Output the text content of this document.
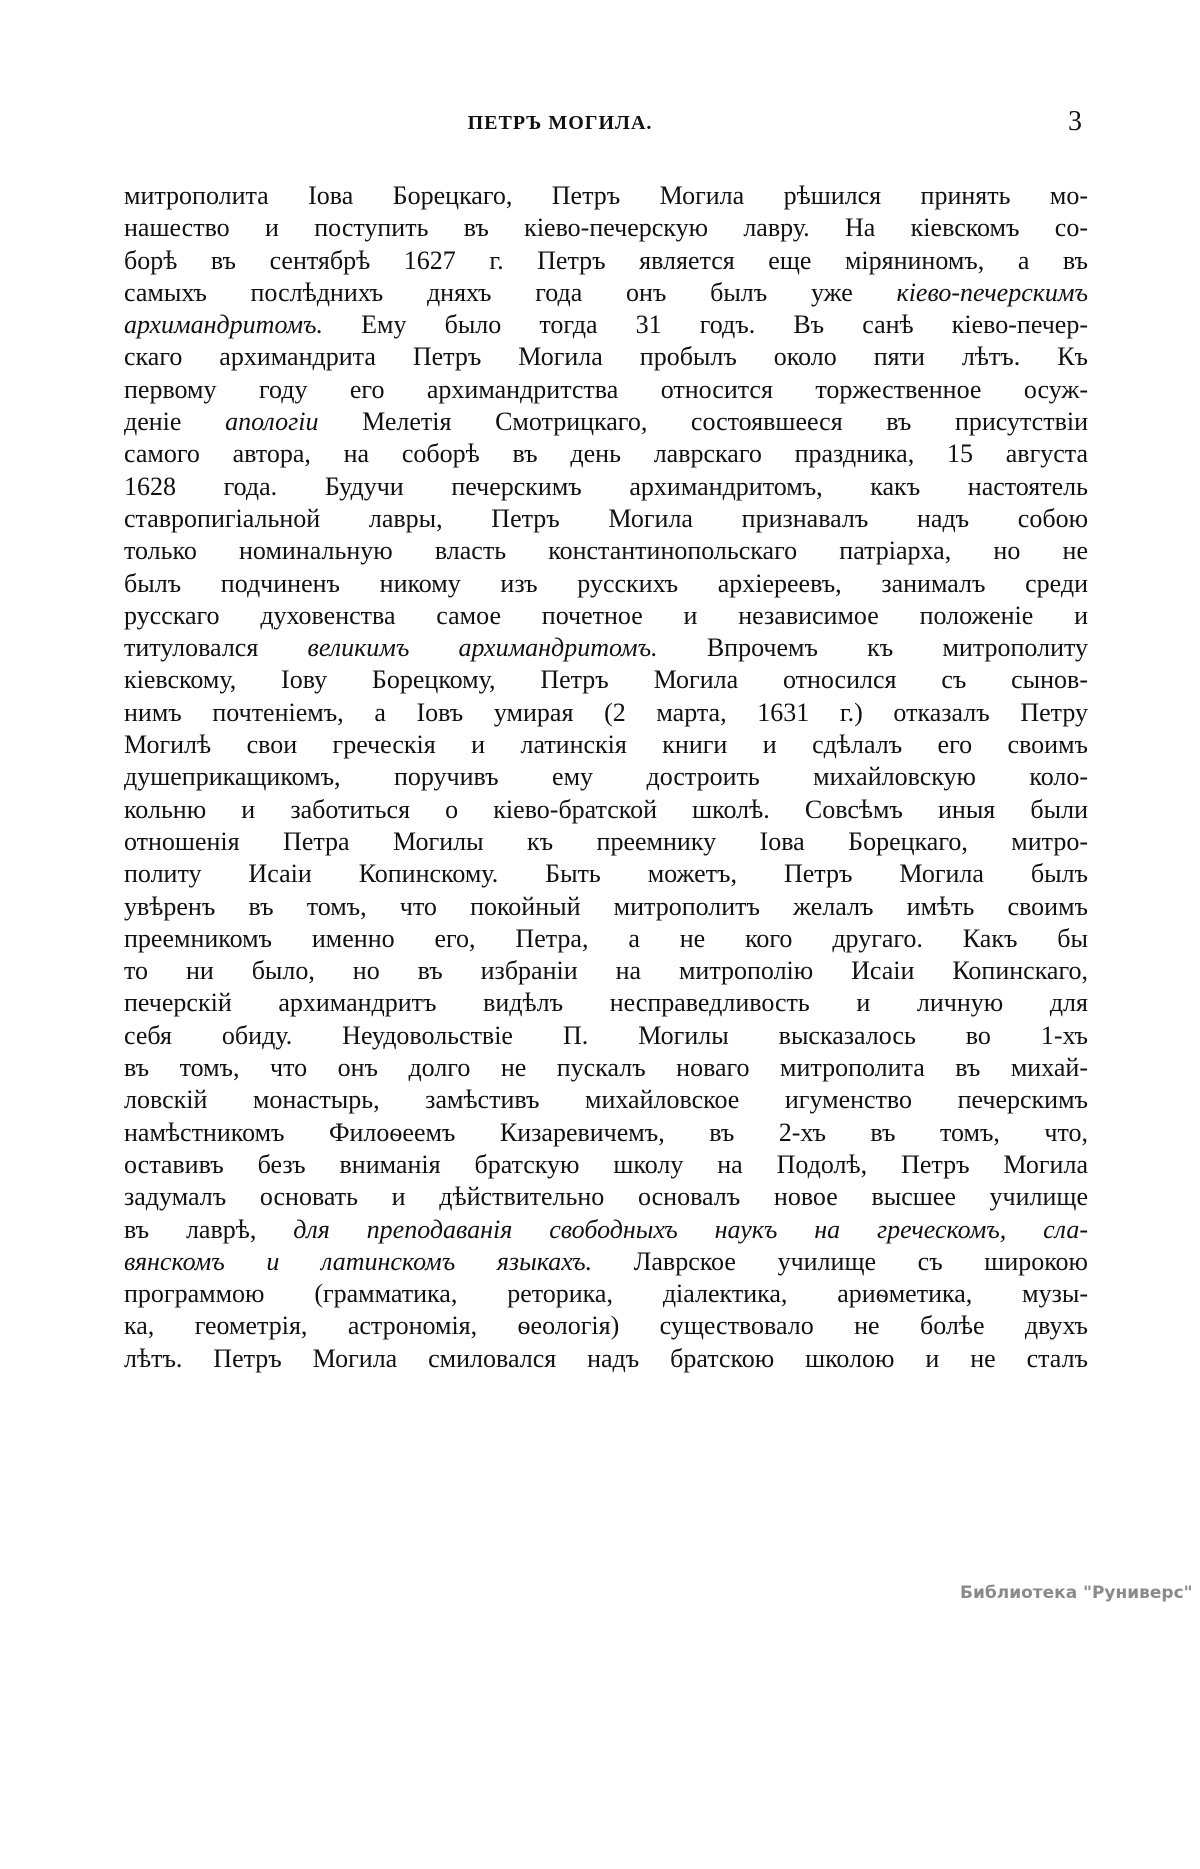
ПЕТРЪ МОГИЛА.	3
митрополита Іова Борецкаго, Петръ Могила рѣшился принять мо-
нашество и поступить въ кіево-печерскую лавру. На кіевскомъ со-
борѣ въ сентябрѣ 1627 г. Петръ является еще міряниномъ, а въ
самыхъ послѣднихъ дняхъ года онъ былъ уже кіево-печерскимъ
архимандритомъ. Ему было тогда 31 годъ. Въ санѣ кіево-печер-
скаго архимандрита Петръ Могила пробылъ около пяти лѣтъ. Къ
первому году его архимандритства относится торжественное осуж-
деніе апологіи Мелетія Смотрицкаго, состоявшееся въ присутствіи
самого автора, на соборѣ въ день лаврскаго праздника, 15 августа
1628 года. Будучи печерскимъ архимандритомъ, какъ настоятель
ставропигіальной лавры, Петръ Могила признавалъ надъ собою
только номинальную власть константинопольскаго патріарха, но не
былъ подчиненъ никому изъ русскихъ архіереевъ, занималъ среди
русскаго духовенства самое почетное и независимое положеніе и
титуловался великимъ архимандритомъ. Впрочемъ къ митрополиту
кіевскому, Іову Борецкому, Петръ Могила относился съ сынов-
нимъ почтеніемъ, а Іовъ умирая (2 марта, 1631 г.) отказалъ Петру
Могилѣ свои греческія и латинскія книги и сдѣлалъ его своимъ
душеприкащикомъ, поручивъ ему достроить михайловскую коло-
кольню и заботиться о кіево-братской школѣ. Совсѣмъ иныя были
отношенія Петра Могилы къ преемнику Іова Борецкаго, митро-
политу Исаіи Копинскому. Быть можетъ, Петръ Могила былъ
увѣренъ въ томъ, что покойный митрополитъ желалъ имѣть своимъ
преемникомъ именно его, Петра, а не кого другаго. Какъ бы
то ни было, но въ избраніи на митрополію Исаіи Копинскаго,
печерскій архимандритъ видѣлъ несправедливость и личную для
себя обиду. Неудовольствіе П. Могилы высказалось во 1-хъ
въ томъ, что онъ долго не пускалъ новаго митрополита въ михай-
ловскій монастырь, замѣстивъ михайловское игуменство печерскимъ
намѣстникомъ Филоѳеемъ Кизаревичемъ, въ 2-хъ въ томъ, что,
оставивъ безъ вниманія братскую школу на Подолѣ, Петръ Могила
задумалъ основать и дѣйствительно основалъ новое высшее училище
въ лаврѣ, для преподаванія свободныхъ наукъ на греческомъ, сла-
вянскомъ и латинскомъ языкахъ. Лаврское училище съ широкою
программою (грамматика, реторика, діалектика, ариѳметика, музы-
ка, геометрія, астрономія, ѳеологія) существовало не болѣе двухъ
лѣтъ. Петръ Могила смиловался надъ братскою школою и не сталъ
Библиотека "Руниверс"
